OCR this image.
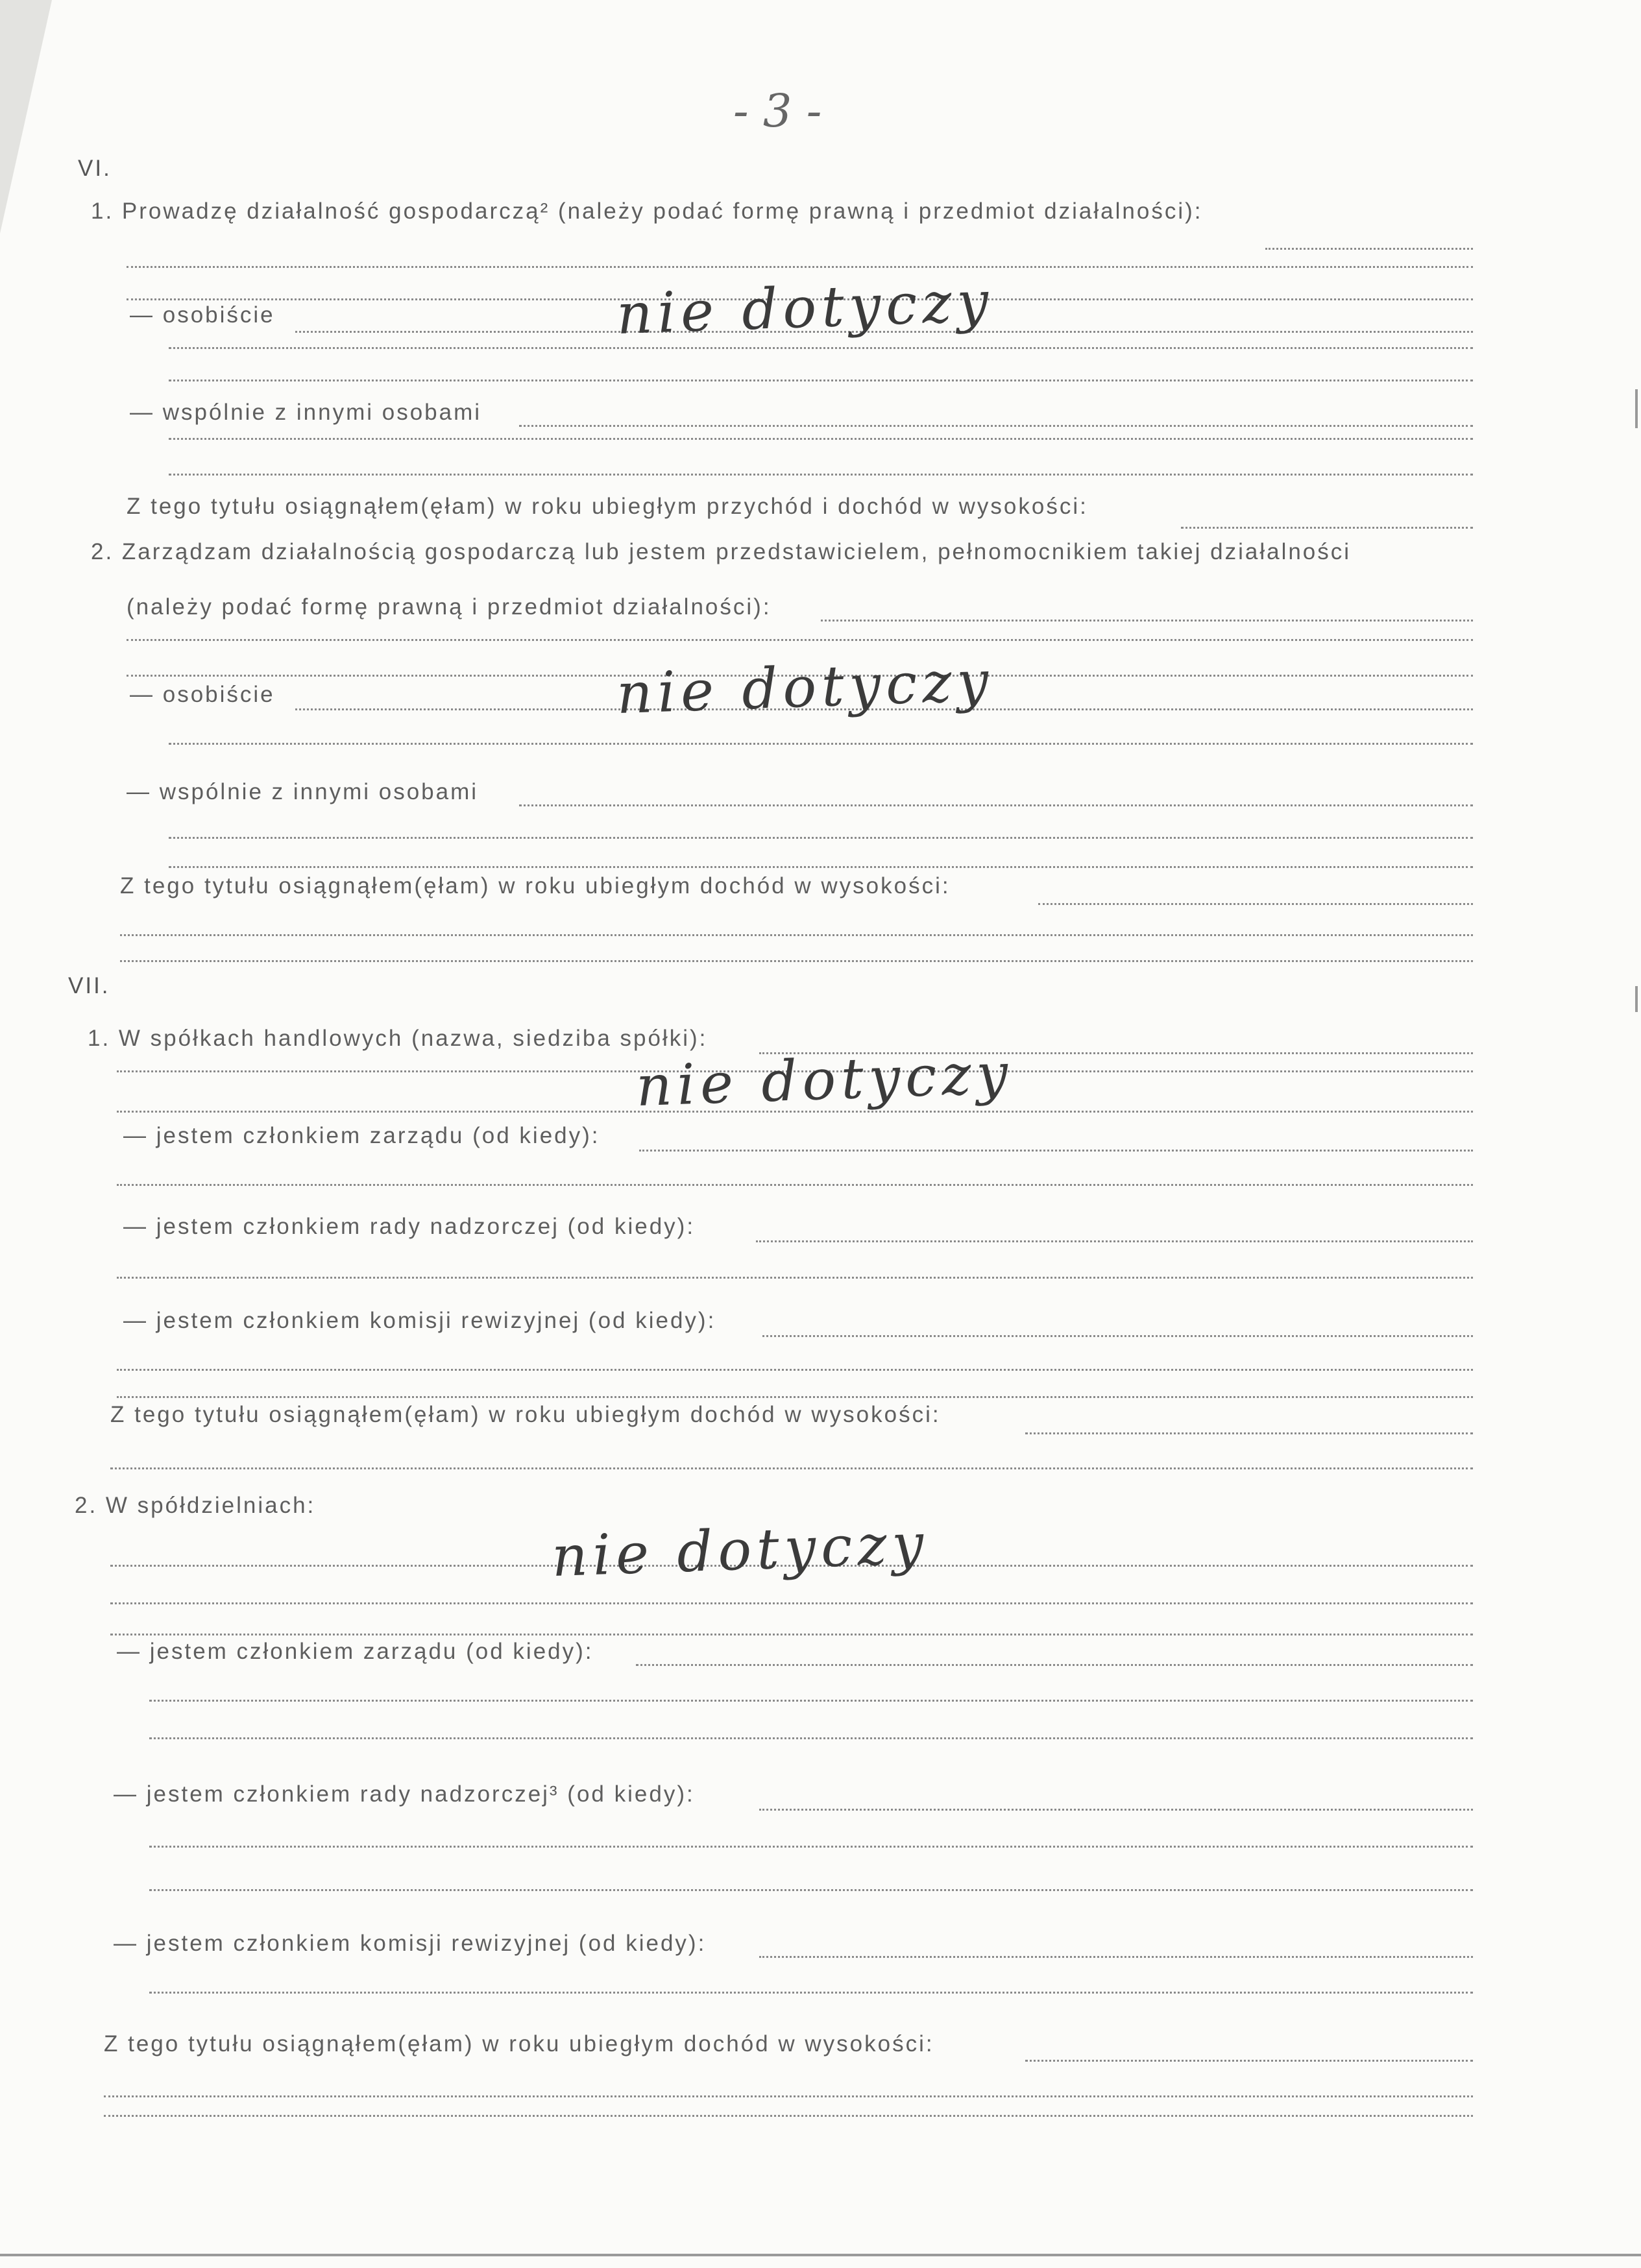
- 3 -
VI.
1. Prowadzę działalność gospodarczą² (należy podać formę prawną i przedmiot działalności):
— osobiście	nie dotyczy
— wspólnie z innymi osobami
Z tego tytułu osiągnąłem(ęłam) w roku ubiegłym przychód i dochód w wysokości:
2. Zarządzam działalnością gospodarczą lub jestem przedstawicielem, pełnomocnikiem takiej działalności
(należy podać formę prawną i przedmiot działalności):
— osobiście	nie dotyczy
— wspólnie z innymi osobami
Z tego tytułu osiągnąłem(ęłam) w roku ubiegłym dochód w wysokości:
VII.
1. W spółkach handlowych (nazwa, siedziba spółki):
nie dotyczy
— jestem członkiem zarządu (od kiedy):
— jestem członkiem rady nadzorczej (od kiedy):
— jestem członkiem komisji rewizyjnej (od kiedy):
Z tego tytułu osiągnąłem(ęłam) w roku ubiegłym dochód w wysokości:
2. W spółdzielniach:
nie dotyczy
— jestem członkiem zarządu (od kiedy):
— jestem członkiem rady nadzorczej³ (od kiedy):
— jestem członkiem komisji rewizyjnej (od kiedy):
Z tego tytułu osiągnąłem(ęłam) w roku ubiegłym dochód w wysokości:
